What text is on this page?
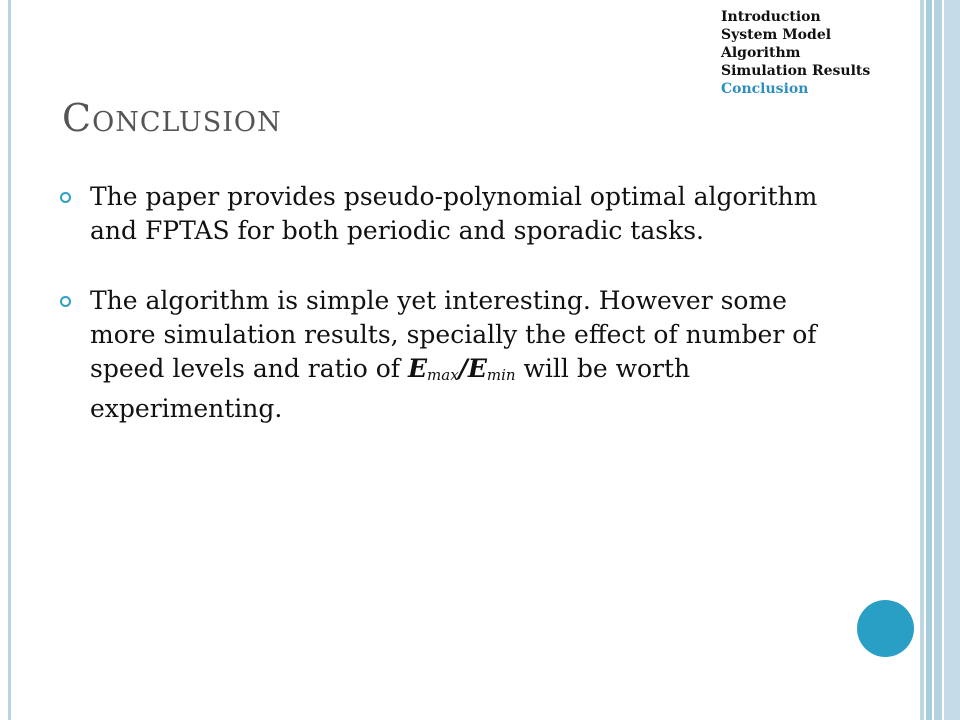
Introduction
System Model
Algorithm
Simulation Results
Conclusion
Conclusion
The paper provides pseudo-polynomial optimal algorithm and FPTAS for both periodic and sporadic tasks.
The algorithm is simple yet interesting. However some more simulation results, specially the effect of number of speed levels and ratio of $E_{max}/E_{min}$ will be worth experimenting.
